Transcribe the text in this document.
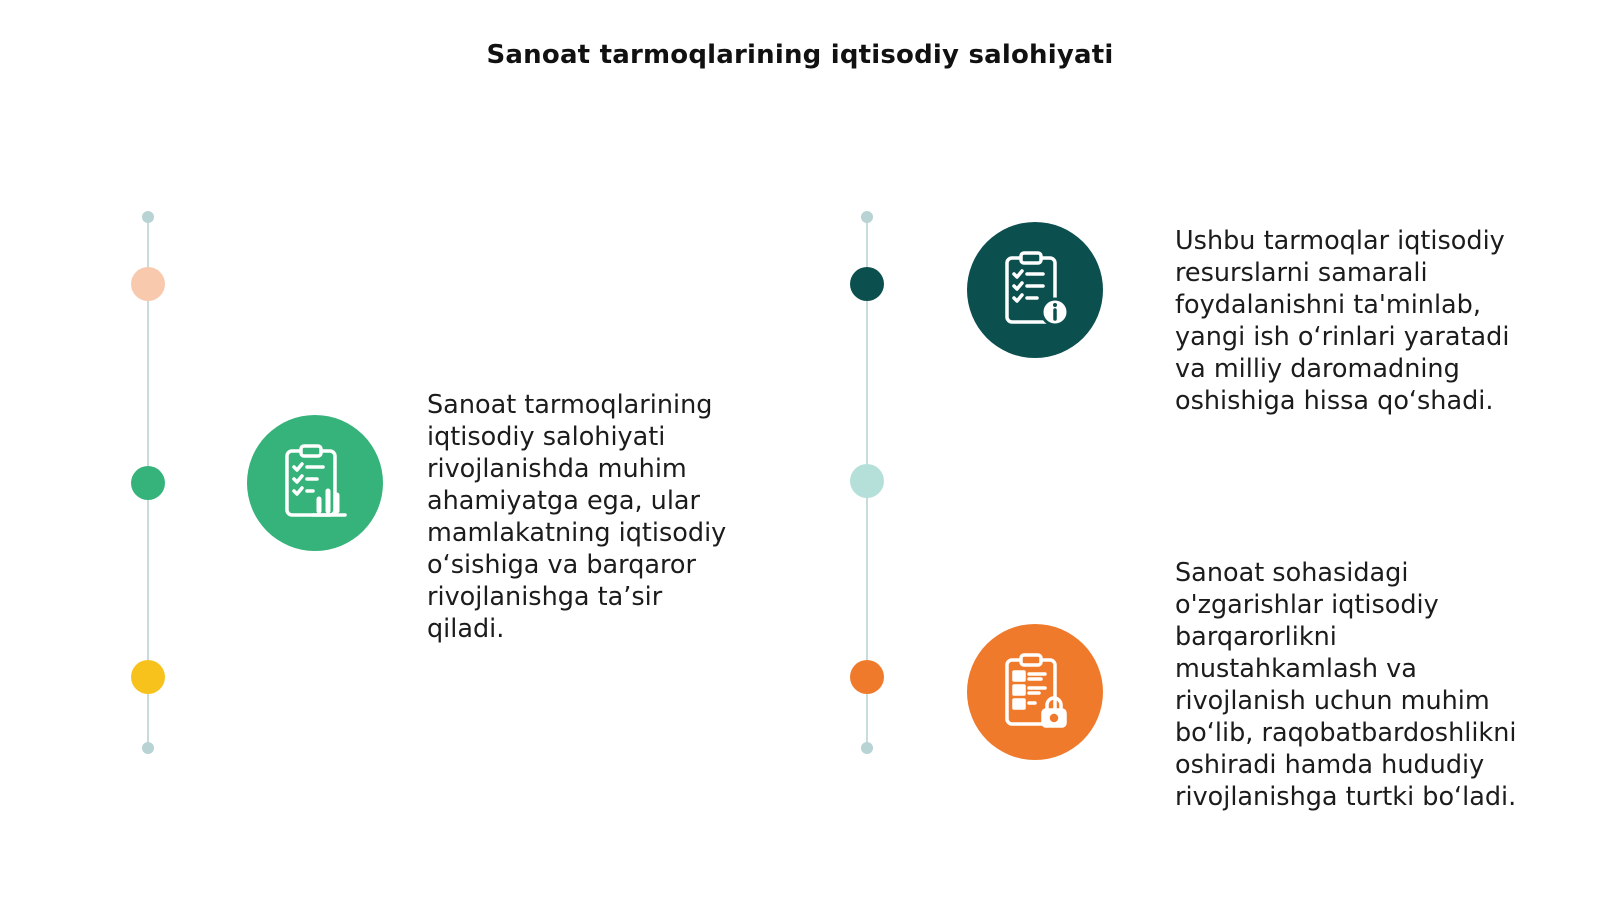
Sanoat tarmoqlarining iqtisodiy salohiyati
Sanoat tarmoqlarining
iqtisodiy salohiyati
rivojlanishda muhim
ahamiyatga ega, ular
mamlakatning iqtisodiy
o‘sishiga va barqaror
rivojlanishga ta’sir
qiladi.
Ushbu tarmoqlar iqtisodiy
resurslarni samarali
foydalanishni ta'minlab,
yangi ish o‘rinlari yaratadi
va milliy daromadning
oshishiga hissa qo‘shadi.
Sanoat sohasidagi
o'zgarishlar iqtisodiy
barqarorlikni
mustahkamlash va
rivojlanish uchun muhim
bo‘lib, raqobatbardoshlikni
oshiradi hamda hududiy
rivojlanishga turtki bo‘ladi.
